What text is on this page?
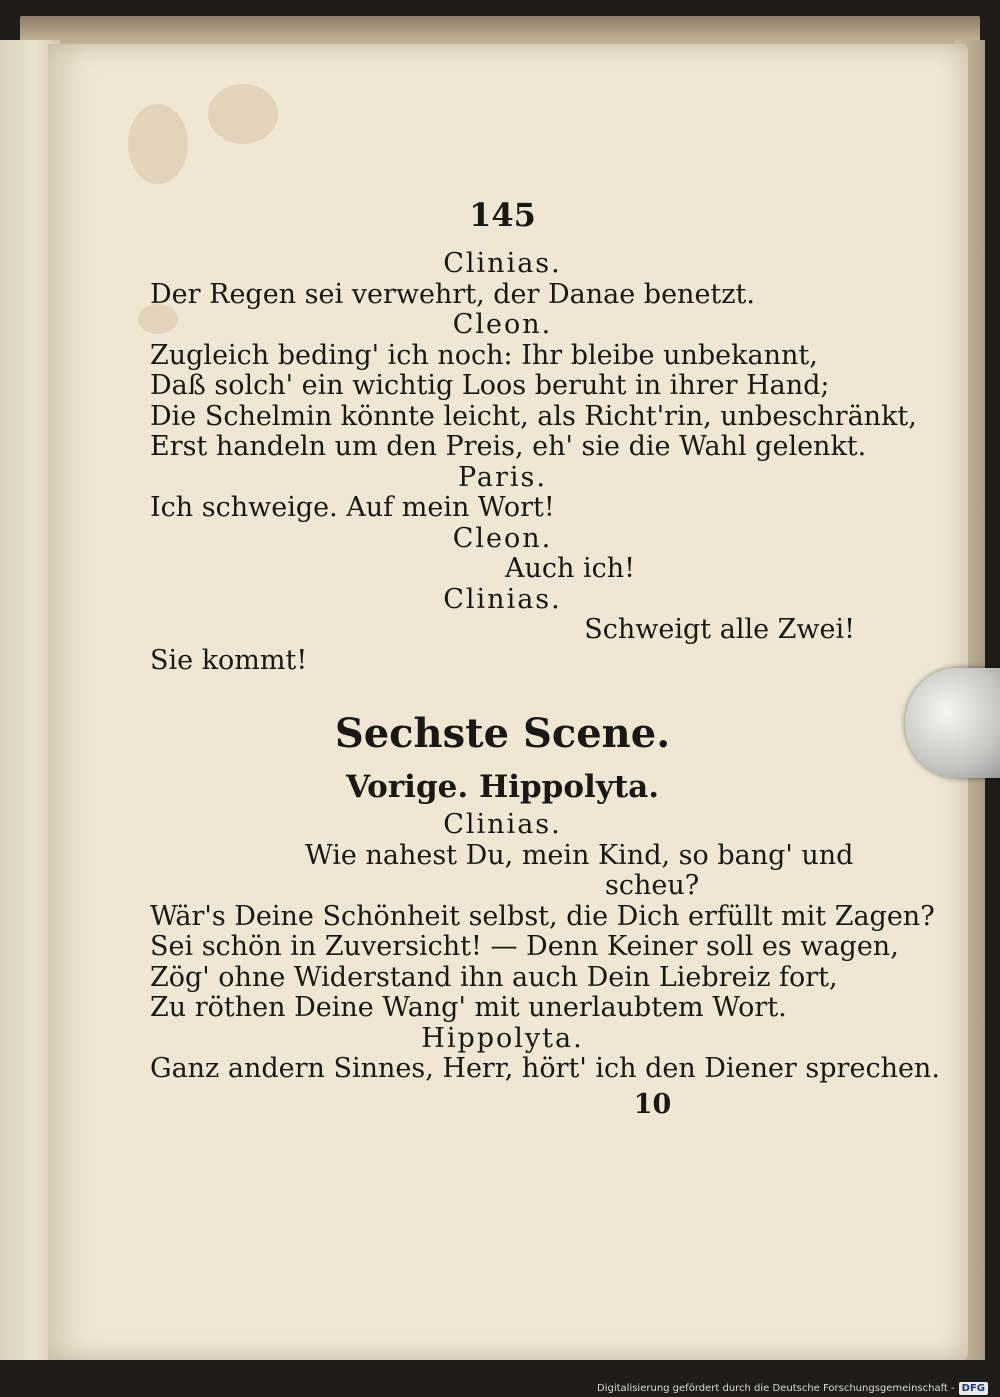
145
Clinias.
Der Regen sei verwehrt, der Danae benetzt.
Cleon.
Zugleich beding' ich noch: Ihr bleibe unbekannt,
Daß solch' ein wichtig Loos beruht in ihrer Hand;
Die Schelmin könnte leicht, als Richt'rin, unbeschränkt,
Erst handeln um den Preis, eh' sie die Wahl gelenkt.
Paris.
Ich schweige. Auf mein Wort!
Cleon.
Auch ich!
Clinias.
Schweigt alle Zwei!
Sie kommt!
Sechste Scene.
Vorige. Hippolyta.
Clinias.
Wie nahest Du, mein Kind, so bang' und
scheu?
Wär's Deine Schönheit selbst, die Dich erfüllt mit Zagen?
Sei schön in Zuversicht! — Denn Keiner soll es wagen,
Zög' ohne Widerstand ihn auch Dein Liebreiz fort,
Zu röthen Deine Wang' mit unerlaubtem Wort.
Hippolyta.
Ganz andern Sinnes, Herr, hört' ich den Diener sprechen.
10
Digitalisierung gefördert durch die Deutsche Forschungsgemeinschaft - DFG
